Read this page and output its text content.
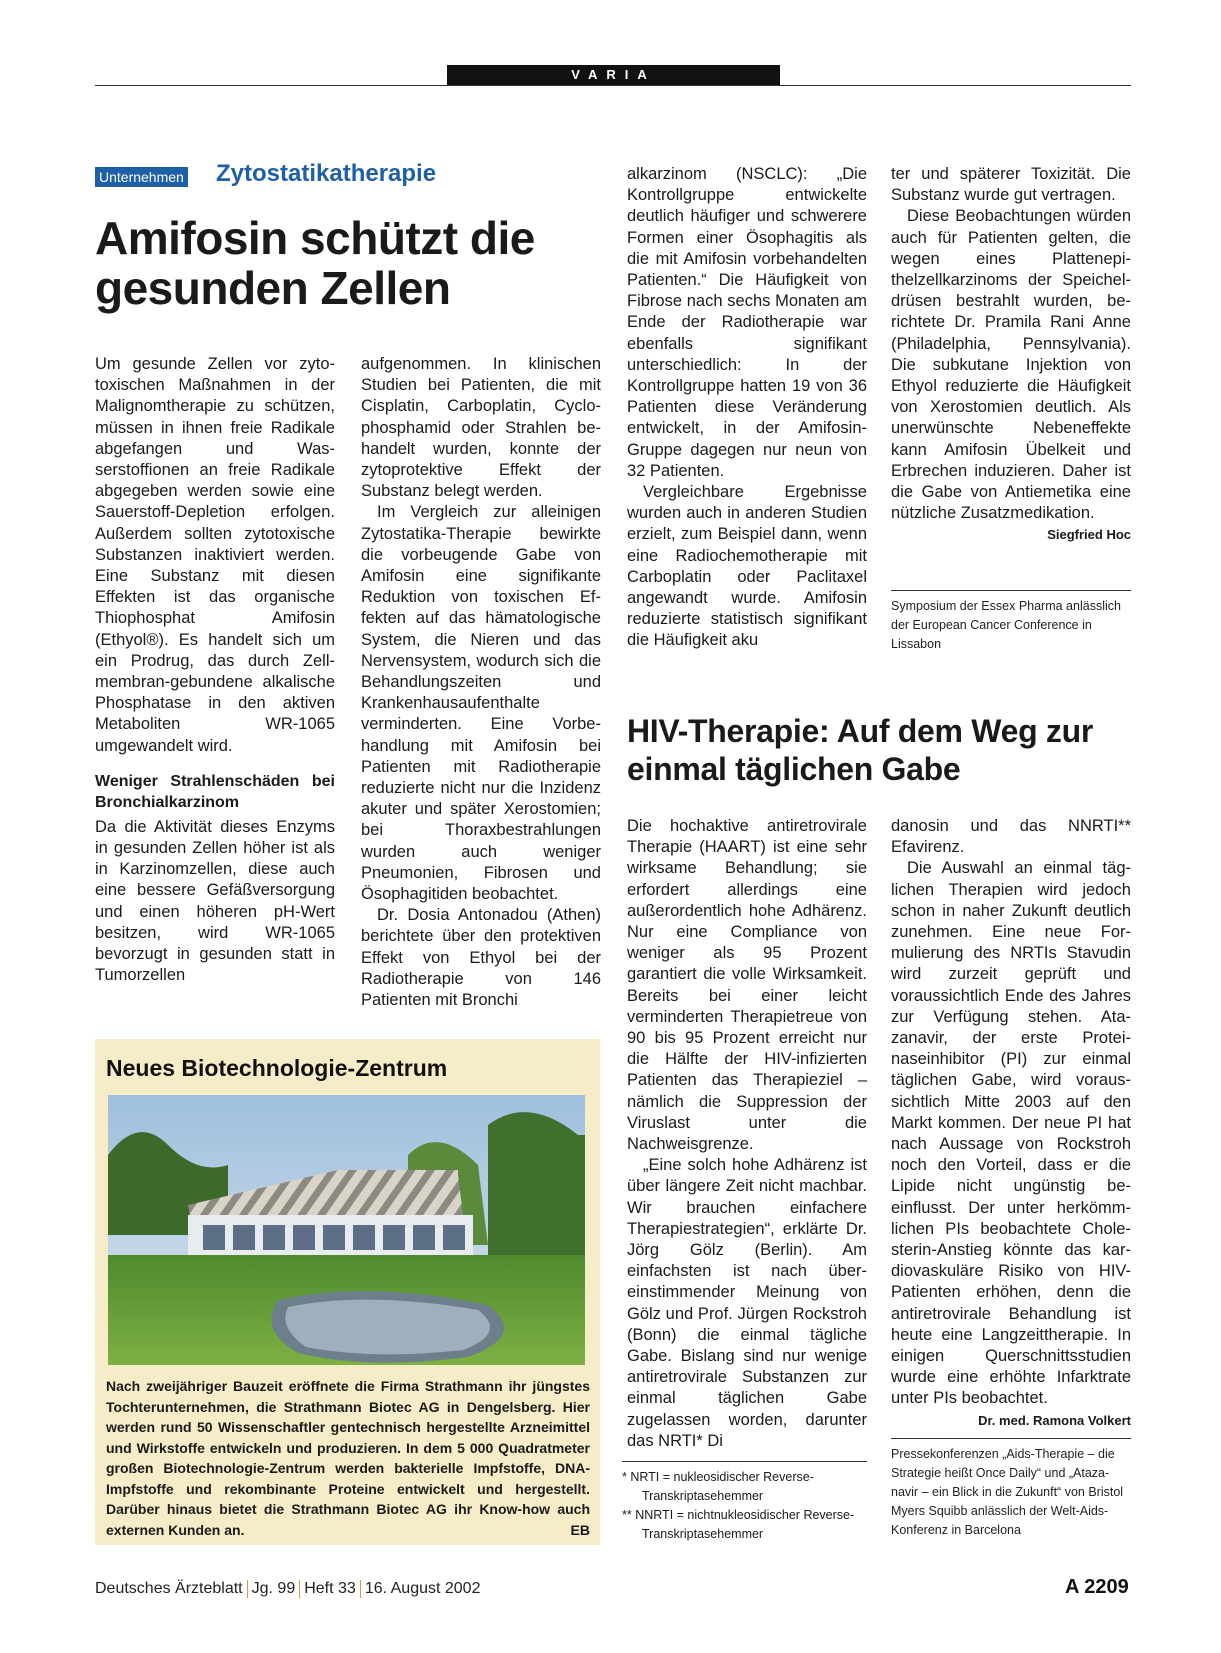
VARIA
Unternehmen Zytostatikatherapie
Amifosin schützt die gesunden Zellen

Um gesunde Zellen vor zytotoxischen Maßnahmen in der Malignomtherapie zu schützen, müssen in ihnen freie Radikale abgefangen und Wasserstoffionen an freie Radikale abgegeben werden sowie eine Sauerstoff-Depletion erfolgen. Außerdem sollten zytotoxische Substanzen inaktiviert werden. Eine Substanz mit diesen Effekten ist das organische Thiophosphat Amifosin (Ethyol®). Es handelt sich um ein Prodrug, das durch Zellmembran-gebundene alkalische Phosphatase in den aktiven Metaboliten WR-1065 umgewandelt wird.

Weniger Strahlenschäden bei Bronchialkarzinom

Da die Aktivität dieses Enzyms in gesunden Zellen höher ist als in Karzinomzellen, diese auch eine bessere Gefäßversorgung und einen höheren pH-Wert besitzen, wird WR-1065 bevorzugt in gesunden statt in Tumorzellen

aufgenommen. In klinischen Studien bei Patienten, die mit Cisplatin, Carboplatin, Cyclophosphamid oder Strahlen behandelt wurden, konnte der zytoprotektive Effekt der Substanz belegt werden.

Im Vergleich zur alleinigen Zytostatika-Therapie bewirkte die vorbeugende Gabe von Amifosin eine signifikante Reduktion von toxischen Effekten auf das hämatologische System, die Nieren und das Nervensystem, wodurch sich die Behandlungszeiten und Krankenhausaufenthalte verminderten. Eine Vorbehandlung mit Amifosin bei Patienten mit Radiotherapie reduzierte nicht nur die Inzidenz akuter und später Xerostomien; bei Thoraxbestrahlungen wurden auch weniger Pneumonien, Fibrosen und Ösophagitiden beobachtet.

Dr. Dosia Antonadou (Athen) berichtete über den protektiven Effekt von Ethyol bei der Radiotherapie von 146 Patienten mit Bronchi

alkarzinom (NSCLC): „Die Kontrollgruppe entwickelte deutlich häufiger und schwerere Formen einer Ösophagitis als die mit Amifosin vorbehandelten Patienten.“ Die Häufigkeit von Fibrose nach sechs Monaten am Ende der Radiotherapie war ebenfalls signifikant unterschiedlich: In der Kontrollgruppe hatten 19 von 36 Patienten diese Veränderung entwickelt, in der Amifosin-Gruppe dagegen nur neun von 32 Patienten.

Vergleichbare Ergebnisse wurden auch in anderen Studien erzielt, zum Beispiel dann, wenn eine Radiochemotherapie mit Carboplatin oder Paclitaxel angewandt wurde. Amifosin reduzierte statistisch signifikant die Häufigkeit aku

ter und späterer Toxizität. Die Substanz wurde gut vertragen.

Diese Beobachtungen würden auch für Patienten gelten, die wegen eines Plattenepithelzellkarzinoms der Speicheldrüsen bestrahlt wurden, berichtete Dr. Pramila Rani Anne (Philadelphia, Pennsylvania). Die subkutane Injektion von Ethyol reduzierte die Häufigkeit von Xerostomien deutlich. Als unerwünschte Nebeneffekte kann Amifosin Übelkeit und Erbrechen induzieren. Daher ist die Gabe von Antiemetika eine nützliche Zusatzmedikation.
Siegfried Hoc

Symposium der Essex Pharma anlässlich der European Cancer Conference in Lissabon
Neues Biotechnologie-Zentrum
Nach zweijähriger Bauzeit eröffnete die Firma Strathmann ihr jüngstes Tochterunternehmen, die Strathmann Biotec AG in Dengelsberg. Hier werden rund 50 Wissenschaftler gentechnisch hergestellte Arzneimittel und Wirkstoffe entwickeln und produzieren. In dem 5 000 Quadratmeter großen Biotechnologie-Zentrum werden bakterielle Impfstoffe, DNA-Impfstoffe und rekombinante Proteine entwickelt und hergestellt. Darüber hinaus bietet die Strathmann Biotec AG ihr Know-how auch externen Kunden an.	EB
HIV-Therapie: Auf dem Weg zur einmal täglichen Gabe

Die hochaktive antiretrovirale Therapie (HAART) ist eine sehr wirksame Behandlung; sie erfordert allerdings eine außerordentlich hohe Adhärenz. Nur eine Compliance von weniger als 95 Prozent garantiert die volle Wirksamkeit. Bereits bei einer leicht verminderten Therapietreue von 90 bis 95 Prozent erreicht nur die Hälfte der HIV-infizierten Patienten das Therapieziel – nämlich die Suppression der Viruslast unter die Nachweisgrenze.

„Eine solch hohe Adhärenz ist über längere Zeit nicht machbar. Wir brauchen einfachere Therapiestrategien“, erklärte Dr. Jörg Gölz (Berlin). Am einfachsten ist nach übereinstimmender Meinung von Gölz und Prof. Jürgen Rockstroh (Bonn) die einmal tägliche Gabe. Bislang sind nur wenige antiretrovirale Substanzen zur einmal täglichen Gabe zugelassen worden, darunter das NRTI* Di

danosin und das NNRTI** Efavirenz.

Die Auswahl an einmal täglichen Therapien wird jedoch schon in naher Zukunft deutlich zunehmen. Eine neue Formulierung des NRTIs Stavudin wird zurzeit geprüft und voraussichtlich Ende des Jahres zur Verfügung stehen. Atazanavir, der erste Proteinaseinhibitor (PI) zur einmal täglichen Gabe, wird voraussichtlich Mitte 2003 auf den Markt kommen. Der neue PI hat nach Aussage von Rockstroh noch den Vorteil, dass er die Lipide nicht ungünstig beeinflusst. Der unter herkömmlichen PIs beobachtete Cholesterin-Anstieg könnte das kardiovaskuläre Risiko von HIV-Patienten erhöhen, denn die antiretrovirale Behandlung ist heute eine Langzeittherapie. In einigen Querschnittsstudien wurde eine erhöhte Infarktrate unter PIs beobachtet.
Dr. med. Ramona Volkert

* NRTI = nukleosidischer Reverse-Transkriptasehemmer
** NNRTI = nichtnukleosidischer Reverse-Transkriptasehemmer
Pressekonferenzen „Aids-Therapie – die Strategie heißt Once Daily“ und „Atazanavir – ein Blick in die Zukunft“ von Bristol Myers Squibb anlässlich der Welt-Aids-Konferenz in Barcelona
Deutsches Ärzteblatt Jg. 99 Heft 33 16. August 2002	A 2209
